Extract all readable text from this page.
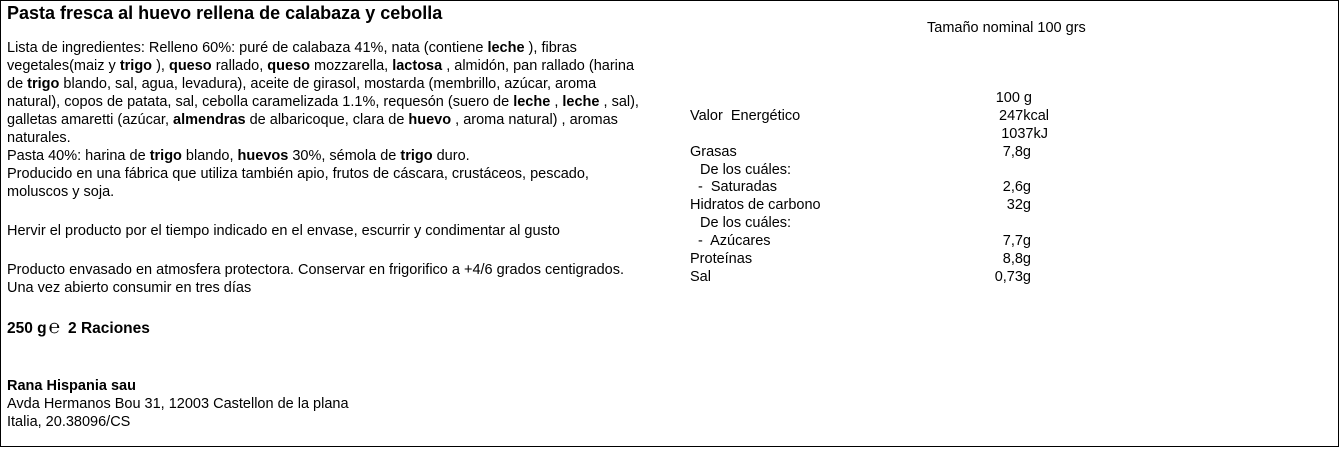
Pasta fresca al huevo rellena de calabaza y cebolla
Tamaño nominal 100 grs

Lista de ingredientes: Relleno 60%: puré de calabaza 41%, nata (contiene leche ), fibras vegetales(maiz y trigo ), queso rallado, queso mozzarella, lactosa , almidón, pan rallado (harina de trigo blando, sal, agua, levadura), aceite de girasol, mostarda (membrillo, azúcar, aroma natural), copos de patata, sal, cebolla caramelizada 1.1%, requesón (suero de leche , leche , sal), galletas amaretti (azúcar, almendras de albaricoque, clara de huevo , aroma natural) , aromas naturales.

Pasta 40%: harina de trigo blando, huevos 30%, sémola de trigo duro.

Producido en una fábrica que utiliza también apio, frutos de cáscara, crustáceos, pescado, moluscos y soja.

Hervir el producto por el tiempo indicado en el envase, escurrir y condimentar al gusto

Producto envasado en atmosfera protectora. Conservar en frigorifico a +4/6 grados centigrados. Una vez abierto consumir en tres días

250 g ℮ 2 Raciones
Rana Hispania sau
Avda Hermanos Bou 31, 12003 Castellon de la plana
Italia, 20.38096/CS
100 g
Valor  Energético	247kcal
1037kJ
Grasas	7,8g
De los cuáles:
-  Saturadas	2,6g
Hidratos de carbono	32g
De los cuáles:
-  Azúcares	7,7g
Proteínas	8,8g
Sal	0,73g
